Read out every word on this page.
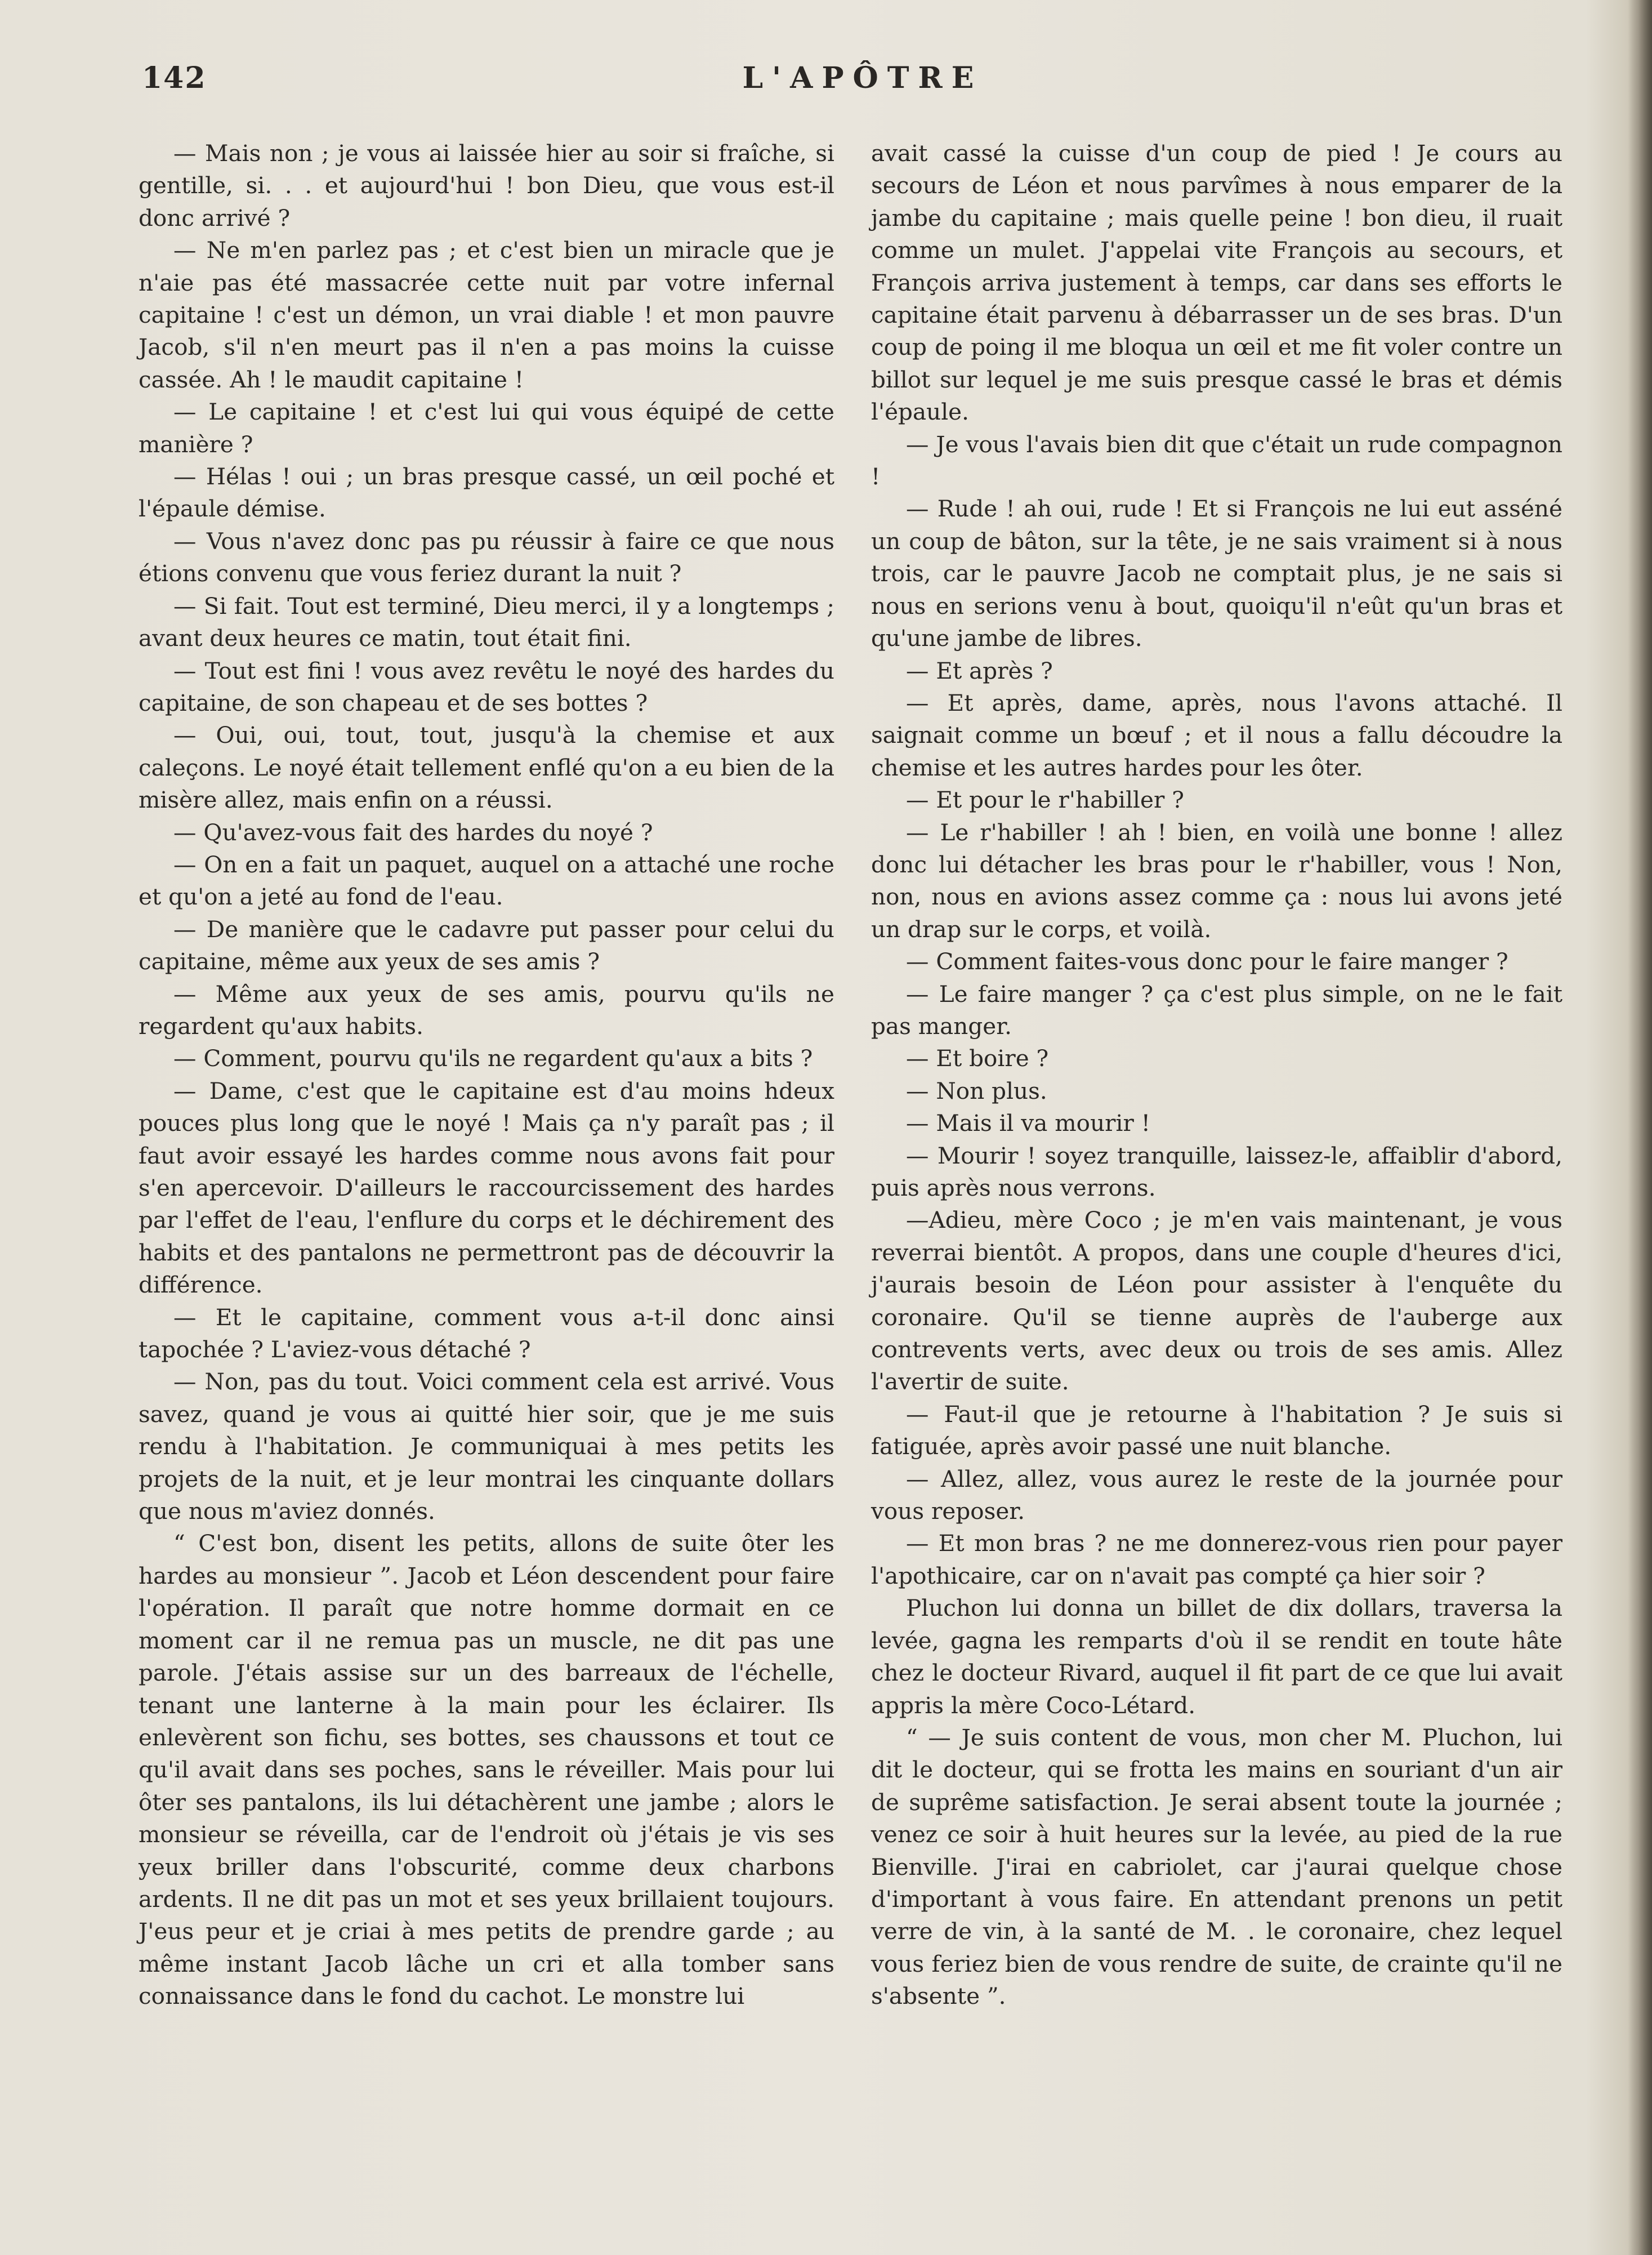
142	L'APÔTRE

— Mais non ; je vous ai laissée hier au soir si fraîche, si gentille, si. . . et aujourd'hui ! bon Dieu, que vous est-il donc arrivé ?

— Ne m'en parlez pas ; et c'est bien un miracle que je n'aie pas été massacrée cette nuit par votre infernal capitaine ! c'est un démon, un vrai diable ! et mon pauvre Jacob, s'il n'en meurt pas il n'en a pas moins la cuisse cassée. Ah ! le maudit capitaine !

— Le capitaine ! et c'est lui qui vous équipé de cette manière ?

— Hélas ! oui ; un bras presque cassé, un œil poché et l'épaule démise.

— Vous n'avez donc pas pu réussir à faire ce que nous étions convenu que vous feriez durant la nuit ?

— Si fait. Tout est terminé, Dieu merci, il y a longtemps ; avant deux heures ce matin, tout était fini.

— Tout est fini ! vous avez revêtu le noyé des hardes du capitaine, de son chapeau et de ses bottes ?

— Oui, oui, tout, tout, jusqu'à la chemise et aux caleçons. Le noyé était tellement enflé qu'on a eu bien de la misère allez, mais enfin on a réussi.

— Qu'avez-vous fait des hardes du noyé ?

— On en a fait un paquet, auquel on a attaché une roche et qu'on a jeté au fond de l'eau.

— De manière que le cadavre put passer pour celui du capitaine, même aux yeux de ses amis ?

— Même aux yeux de ses amis, pourvu qu'ils ne regardent qu'aux habits.

— Comment, pourvu qu'ils ne regardent qu'aux a bits ?

— Dame, c'est que le capitaine est d'au moins hdeux pouces plus long que le noyé ! Mais ça n'y paraît pas ; il faut avoir essayé les hardes comme nous avons fait pour s'en apercevoir. D'ailleurs le raccourcissement des hardes par l'effet de l'eau, l'enflure du corps et le déchirement des habits et des pantalons ne permettront pas de découvrir la différence.

— Et le capitaine, comment vous a-t-il donc ainsi tapochée ? L'aviez-vous détaché ?

— Non, pas du tout. Voici comment cela est arrivé. Vous savez, quand je vous ai quitté hier soir, que je me suis rendu à l'habitation. Je communiquai à mes petits les projets de la nuit, et je leur montrai les cinquante dollars que nous m'aviez donnés.

“ C'est bon, disent les petits, allons de suite ôter les hardes au monsieur ”. Jacob et Léon descendent pour faire l'opération. Il paraît que notre homme dormait en ce moment car il ne remua pas un muscle, ne dit pas une parole. J'étais assise sur un des barreaux de l'échelle, tenant une lanterne à la main pour les éclairer. Ils enlevèrent son fichu, ses bottes, ses chaussons et tout ce qu'il avait dans ses poches, sans le réveiller. Mais pour lui ôter ses pantalons, ils lui détachèrent une jambe ; alors le monsieur se réveilla, car de l'endroit où j'étais je vis ses yeux briller dans l'obscurité, comme deux charbons ardents. Il ne dit pas un mot et ses yeux brillaient toujours. J'eus peur et je criai à mes petits de prendre garde ; au même instant Jacob lâche un cri et alla tomber sans connaissance dans le fond du cachot. Le monstre lui

avait cassé la cuisse d'un coup de pied ! Je cours au secours de Léon et nous parvîmes à nous emparer de la jambe du capitaine ; mais quelle peine ! bon dieu, il ruait comme un mulet. J'appelai vite François au secours, et François arriva justement à temps, car dans ses efforts le capitaine était parvenu à débarrasser un de ses bras. D'un coup de poing il me bloqua un œil et me fit voler contre un billot sur lequel je me suis presque cassé le bras et démis l'épaule.

— Je vous l'avais bien dit que c'était un rude compagnon !

— Rude ! ah oui, rude ! Et si François ne lui eut asséné un coup de bâton, sur la tête, je ne sais vraiment si à nous trois, car le pauvre Jacob ne comptait plus, je ne sais si nous en serions venu à bout, quoiqu'il n'eût qu'un bras et qu'une jambe de libres.

— Et après ?

— Et après, dame, après, nous l'avons attaché. Il saignait comme un bœuf ; et il nous a fallu découdre la chemise et les autres hardes pour les ôter.

— Et pour le r'habiller ?

— Le r'habiller ! ah ! bien, en voilà une bonne ! allez donc lui détacher les bras pour le r'habiller, vous ! Non, non, nous en avions assez comme ça : nous lui avons jeté un drap sur le corps, et voilà.

— Comment faites-vous donc pour le faire manger ?

— Le faire manger ? ça c'est plus simple, on ne le fait pas manger.

— Et boire ?

— Non plus.

— Mais il va mourir !

— Mourir ! soyez tranquille, laissez-le, affaiblir d'abord, puis après nous verrons.

—Adieu, mère Coco ; je m'en vais maintenant, je vous reverrai bientôt. A propos, dans une couple d'heures d'ici, j'aurais besoin de Léon pour assister à l'enquête du coronaire. Qu'il se tienne auprès de l'auberge aux contrevents verts, avec deux ou trois de ses amis. Allez l'avertir de suite.

— Faut-il que je retourne à l'habitation ? Je suis si fatiguée, après avoir passé une nuit blanche.

— Allez, allez, vous aurez le reste de la journée pour vous reposer.

— Et mon bras ? ne me donnerez-vous rien pour payer l'apothicaire, car on n'avait pas compté ça hier soir ?

Pluchon lui donna un billet de dix dollars, traversa la levée, gagna les remparts d'où il se rendit en toute hâte chez le docteur Rivard, auquel il fit part de ce que lui avait appris la mère Coco-Létard.

“ — Je suis content de vous, mon cher M. Pluchon, lui dit le docteur, qui se frotta les mains en souriant d'un air de suprême satisfaction. Je serai absent toute la journée ; venez ce soir à huit heures sur la levée, au pied de la rue Bienville. J'irai en cabriolet, car j'aurai quelque chose d'important à vous faire. En attendant prenons un petit verre de vin, à la santé de M. . le coronaire, chez lequel vous feriez bien de vous rendre de suite, de crainte qu'il ne s'absente ”.
